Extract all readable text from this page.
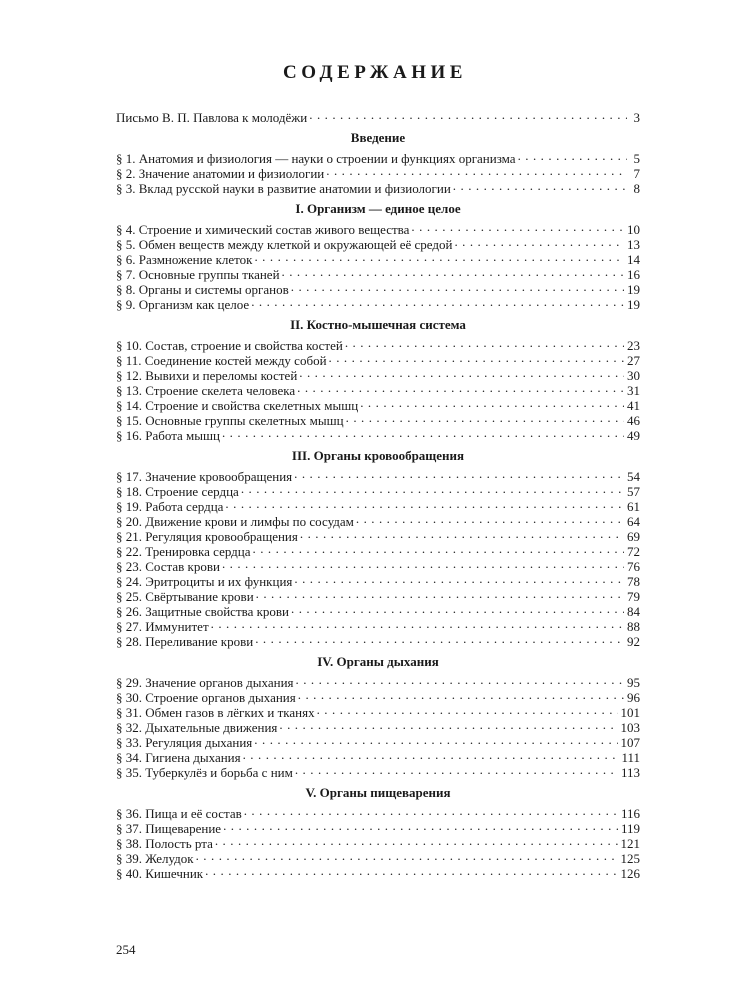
СОДЕРЖАНИЕ
Письмо В. П. Павлова к молодёжи . . .	3
Введение
§ 1. Анатомия и физиология — науки о строении и функциях организма . . .	5
§ 2. Значение анатомии и физиологии . . .	7
§ 3. Вклад русской науки в развитие анатомии и физиологии . . .	8
I. Организм — единое целое
§ 4. Строение и химический состав живого вещества . . .	10
§ 5. Обмен веществ между клеткой и окружающей её средой . . .	13
§ 6. Размножение клеток . . .	14
§ 7. Основные группы тканей . . .	16
§ 8. Органы и системы органов . . .	19
§ 9. Организм как целое . . .	19
II. Костно-мышечная система
§ 10. Состав, строение и свойства костей . . .	23
§ 11. Соединение костей между собой . . .	27
§ 12. Вывихи и переломы костей . . .	30
§ 13. Строение скелета человека . . .	31
§ 14. Строение и свойства скелетных мышц . . .	41
§ 15. Основные группы скелетных мышц . . .	46
§ 16. Работа мышц . . .	49
III. Органы кровообращения
§ 17. Значение кровообращения . . .	54
§ 18. Строение сердца . . .	57
§ 19. Работа сердца . . .	61
§ 20. Движение крови и лимфы по сосудам . . .	64
§ 21. Регуляция кровообращения . . .	69
§ 22. Тренировка сердца . . .	72
§ 23. Состав крови . . .	76
§ 24. Эритроциты и их функция . . .	78
§ 25. Свёртывание крови . . .	79
§ 26. Защитные свойства крови . . .	84
§ 27. Иммунитет . . .	88
§ 28. Переливание крови . . .	92
IV. Органы дыхания
§ 29. Значение органов дыхания . . .	95
§ 30. Строение органов дыхания . . .	96
§ 31. Обмен газов в лёгких и тканях . . .	101
§ 32. Дыхательные движения . . .	103
§ 33. Регуляция дыхания . . .	107
§ 34. Гигиена дыхания . . .	111
§ 35. Туберкулёз и борьба с ним . . .	113
V. Органы пищеварения
§ 36. Пища и её состав . . .	116
§ 37. Пищеварение . . .	119
§ 38. Полость рта . . .	121
§ 39. Желудок . . .	125
§ 40. Кишечник . . .	126
254
